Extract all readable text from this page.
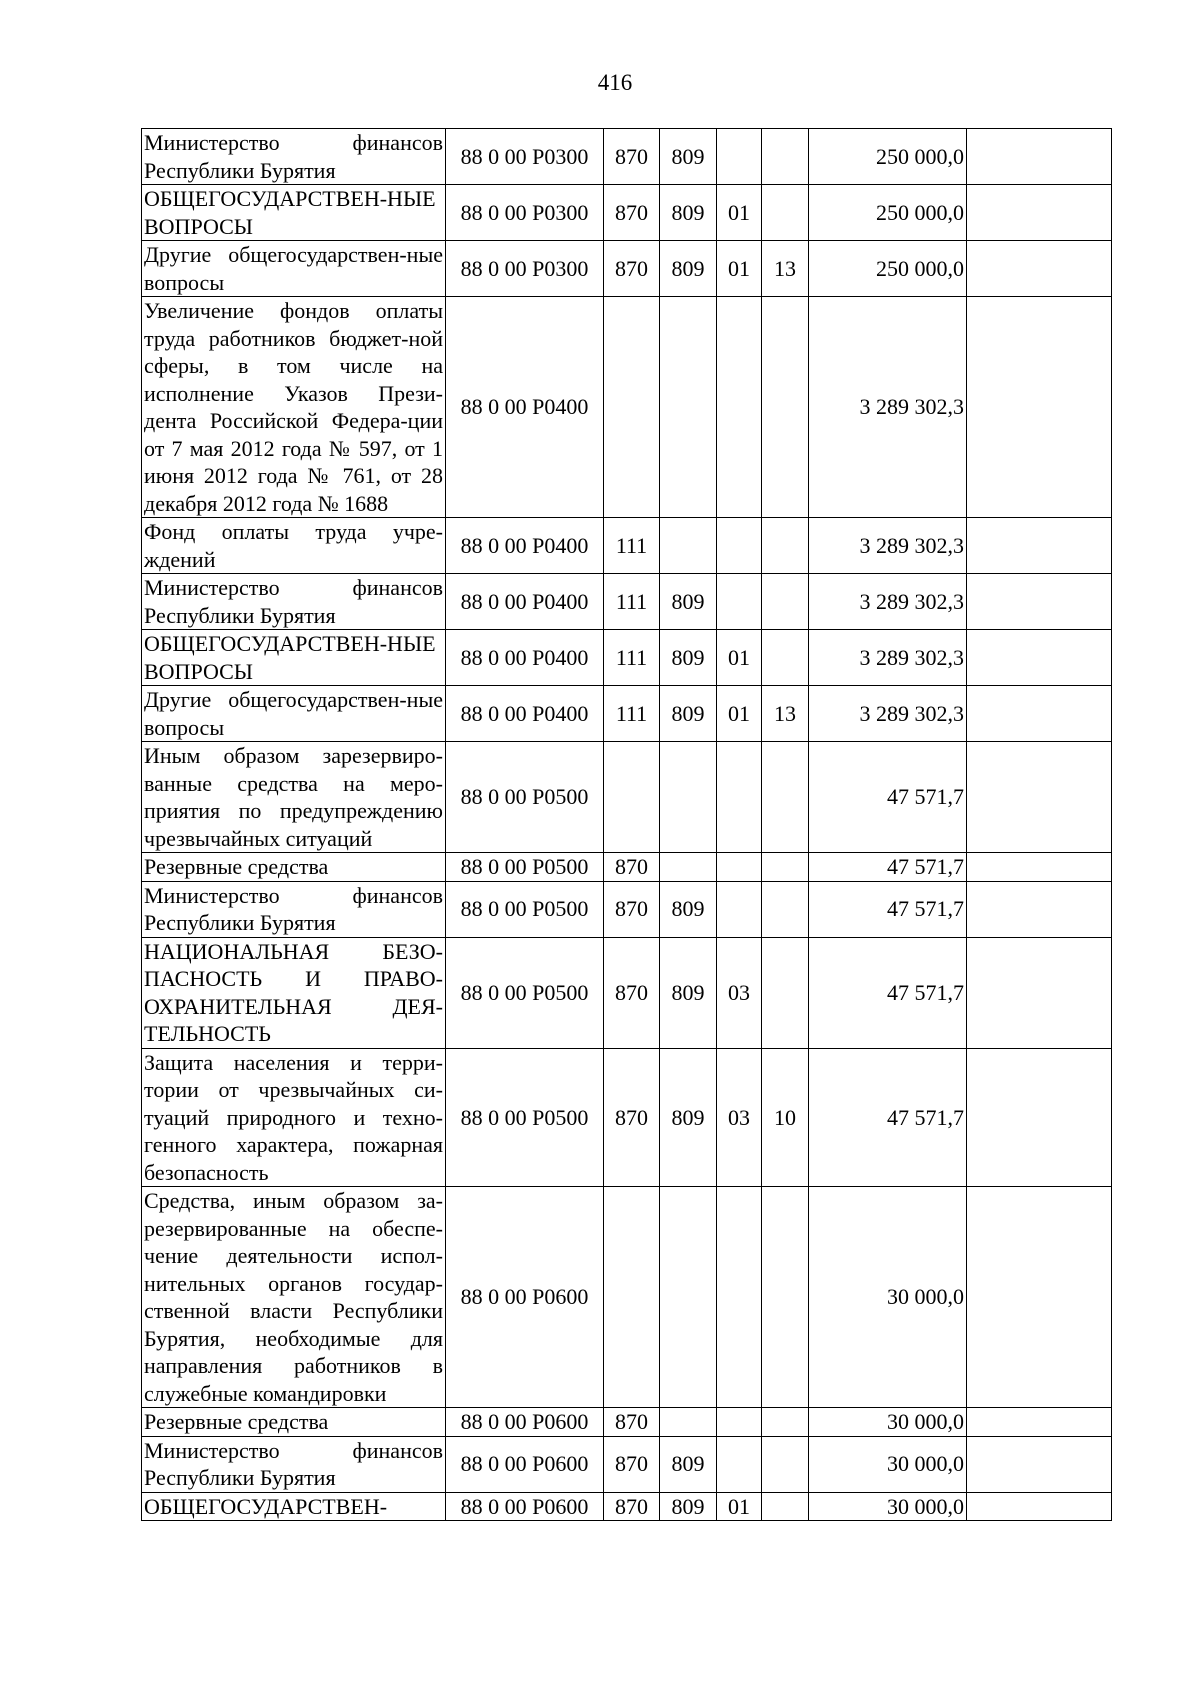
416
Министерство финансов Республики Бурятия	88 0 00 P0300	870	809			250 000,0	
ОБЩЕГОСУДАРСТВЕН-НЫЕ ВОПРОСЫ	88 0 00 P0300	870	809	01		250 000,0	
Другие общегосударствен-ные вопросы	88 0 00 P0300	870	809	01	13	250 000,0	
Увеличение фондов оплаты труда работников бюджет-ной сферы, в том числе на исполнение Указов Прези-дента Российской Федера-ции от 7 мая 2012 года № 597, от 1 июня 2012 года № 761, от 28 декабря 2012 года № 1688	88 0 00 P0400					3 289 302,3	
Фонд оплаты труда учре-ждений	88 0 00 P0400	111				3 289 302,3	
Министерство финансов Республики Бурятия	88 0 00 P0400	111	809			3 289 302,3	
ОБЩЕГОСУДАРСТВЕН-НЫЕ ВОПРОСЫ	88 0 00 P0400	111	809	01		3 289 302,3	
Другие общегосударствен-ные вопросы	88 0 00 P0400	111	809	01	13	3 289 302,3	
Иным образом зарезервиро-ванные средства на меро-приятия по предупреждению чрезвычайных ситуаций	88 0 00 P0500					47 571,7	
Резервные средства	88 0 00 P0500	870				47 571,7	
Министерство финансов Республики Бурятия	88 0 00 P0500	870	809			47 571,7	
НАЦИОНАЛЬНАЯ БЕЗО-ПАСНОСТЬ И ПРАВО-ОХРАНИТЕЛЬНАЯ ДЕЯ-ТЕЛЬНОСТЬ	88 0 00 P0500	870	809	03		47 571,7	
Защита населения и терри-тории от чрезвычайных си-туаций природного и техно-генного характера, пожарная безопасность	88 0 00 P0500	870	809	03	10	47 571,7	
Средства, иным образом за-резервированные на обеспе-чение деятельности испол-нительных органов государ-ственной власти Республики Бурятия, необходимые для направления работников в служебные командировки	88 0 00 P0600					30 000,0	
Резервные средства	88 0 00 P0600	870				30 000,0	
Министерство финансов Республики Бурятия	88 0 00 P0600	870	809			30 000,0	
ОБЩЕГОСУДАРСТВЕН-	88 0 00 P0600	870	809	01		30 000,0	
